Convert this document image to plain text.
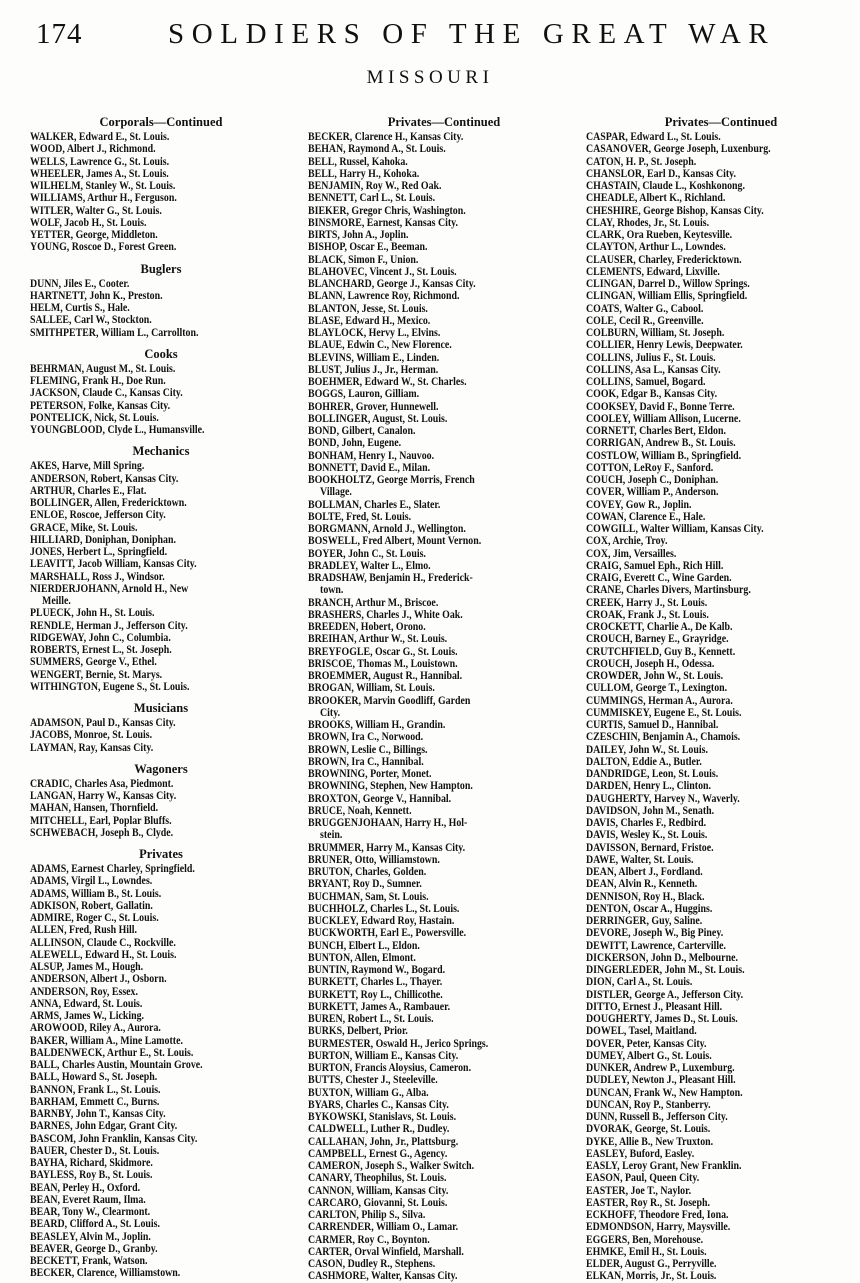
174	SOLDIERS OF THE GREAT WAR
MISSOURI
Corporals—Continued
WALKER, Edward E., St. Louis.
WOOD, Albert J., Richmond.
WELLS, Lawrence G., St. Louis.
WHEELER, James A., St. Louis.
WILHELM, Stanley W., St. Louis.
WILLIAMS, Arthur H., Ferguson.
WITLER, Walter G., St. Louis.
WOLF, Jacob H., St. Louis.
YETTER, George, Middleton.
YOUNG, Roscoe D., Forest Green.
Buglers
DUNN, Jiles E., Cooter.
HARTNETT, John K., Preston.
HELM, Curtis S., Hale.
SALLEE, Carl W., Stockton.
SMITHPETER, William L., Carrollton.
Cooks
BEHRMAN, August M., St. Louis.
FLEMING, Frank H., Doe Run.
JACKSON, Claude C., Kansas City.
PETERSON, Folke, Kansas City.
PONTELICK, Nick, St. Louis.
YOUNGBLOOD, Clyde L., Humansville.
Mechanics
AKES, Harve, Mill Spring.
ANDERSON, Robert, Kansas City.
ARTHUR, Charles E., Flat.
BOLLINGER, Allen, Fredericktown.
ENLOE, Roscoe, Jefferson City.
GRACE, Mike, St. Louis.
HILLIARD, Doniphan, Doniphan.
JONES, Herbert L., Springfield.
LEAVITT, Jacob William, Kansas City.
MARSHALL, Ross J., Windsor.
NIERDERJOHANN, Arnold H., New
Meille.
PLUECK, John H., St. Louis.
RENDLE, Herman J., Jefferson City.
RIDGEWAY, John C., Columbia.
ROBERTS, Ernest L., St. Joseph.
SUMMERS, George V., Ethel.
WENGERT, Bernie, St. Marys.
WITHINGTON, Eugene S., St. Louis.
Musicians
ADAMSON, Paul D., Kansas City.
JACOBS, Monroe, St. Louis.
LAYMAN, Ray, Kansas City.
Wagoners
CRADIC, Charles Asa, Piedmont.
LANGAN, Harry W., Kansas City.
MAHAN, Hansen, Thornfield.
MITCHELL, Earl, Poplar Bluffs.
SCHWEBACH, Joseph B., Clyde.
Privates
ADAMS, Earnest Charley, Springfield.
ADAMS, Virgil L., Lowndes.
ADAMS, William B., St. Louis.
ADKISON, Robert, Gallatin.
ADMIRE, Roger C., St. Louis.
ALLEN, Fred, Rush Hill.
ALLINSON, Claude C., Rockville.
ALEWELL, Edward H., St. Louis.
ALSUP, James M., Hough.
ANDERSON, Albert J., Osborn.
ANDERSON, Roy, Essex.
ANNA, Edward, St. Louis.
ARMS, James W., Licking.
AROWOOD, Riley A., Aurora.
BAKER, William A., Mine Lamotte.
BALDENWECK, Arthur E., St. Louis.
BALL, Charles Austin, Mountain Grove.
BALL, Howard S., St. Joseph.
BANNON, Frank L., St. Louis.
BARHAM, Emmett C., Burns.
BARNBY, John T., Kansas City.
BARNES, John Edgar, Grant City.
BASCOM, John Franklin, Kansas City.
BAUER, Chester D., St. Louis.
BAYHA, Richard, Skidmore.
BAYLESS, Roy B., St. Louis.
BEAN, Perley H., Oxford.
BEAN, Everet Raum, Ilma.
BEAR, Tony W., Clearmont.
BEARD, Clifford A., St. Louis.
BEASLEY, Alvin M., Joplin.
BEAVER, George D., Granby.
BECKETT, Frank, Watson.
BECKER, Clarence, Williamstown.
Privates—Continued
BECKER, Clarence H., Kansas City.
BEHAN, Raymond A., St. Louis.
BELL, Russel, Kahoka.
BELL, Harry H., Kohoka.
BENJAMIN, Roy W., Red Oak.
BENNETT, Carl L., St. Louis.
BIEKER, Gregor Chris, Washington.
BINSMORE, Earnest, Kansas City.
BIRTS, John A., Joplin.
BISHOP, Oscar E., Beeman.
BLACK, Simon F., Union.
BLAHOVEC, Vincent J., St. Louis.
BLANCHARD, George J., Kansas City.
BLANN, Lawrence Roy, Richmond.
BLANTON, Jesse, St. Louis.
BLASE, Edward H., Mexico.
BLAYLOCK, Hervy L., Elvins.
BLAUE, Edwin C., New Florence.
BLEVINS, William E., Linden.
BLUST, Julius J., Jr., Herman.
BOEHMER, Edward W., St. Charles.
BOGGS, Lauron, Gilliam.
BOHRER, Grover, Hunnewell.
BOLLINGER, August, St. Louis.
BOND, Gilbert, Canalon.
BOND, John, Eugene.
BONHAM, Henry I., Nauvoo.
BONNETT, David E., Milan.
BOOKHOLTZ, George Morris, French
Village.
BOLLMAN, Charles E., Slater.
BOLTE, Fred, St. Louis.
BORGMANN, Arnold J., Wellington.
BOSWELL, Fred Albert, Mount Vernon.
BOYER, John C., St. Louis.
BRADLEY, Walter L., Elmo.
BRADSHAW, Benjamin H., Frederick-
town.
BRANCH, Arthur M., Briscoe.
BRASHERS, Charles J., White Oak.
BREEDEN, Hobert, Orono.
BREIHAN, Arthur W., St. Louis.
BREYFOGLE, Oscar G., St. Louis.
BRISCOE, Thomas M., Louistown.
BROEMMER, August R., Hannibal.
BROGAN, William, St. Louis.
BROOKER, Marvin Goodliff, Garden
City.
BROOKS, William H., Grandin.
BROWN, Ira C., Norwood.
BROWN, Leslie C., Billings.
BROWN, Ira C., Hannibal.
BROWNING, Porter, Monet.
BROWNING, Stephen, New Hampton.
BROXTON, George V., Hannibal.
BRUCE, Noah, Kennett.
BRUGGENJOHAAN, Harry H., Hol-
stein.
BRUMMER, Harry M., Kansas City.
BRUNER, Otto, Williamstown.
BRUTON, Charles, Golden.
BRYANT, Roy D., Sumner.
BUCHMAN, Sam, St. Louis.
BUCHHOLZ, Charles L., St. Louis.
BUCKLEY, Edward Roy, Hastain.
BUCKWORTH, Earl E., Powersville.
BUNCH, Elbert L., Eldon.
BUNTON, Allen, Elmont.
BUNTIN, Raymond W., Bogard.
BURKETT, Charles L., Thayer.
BURKETT, Roy L., Chillicothe.
BURKETT, James A., Rambauer.
BUREN, Robert L., St. Louis.
BURKS, Delbert, Prior.
BURMESTER, Oswald H., Jerico Springs.
BURTON, William E., Kansas City.
BURTON, Francis Aloysius, Cameron.
BUTTS, Chester J., Steeleville.
BUXTON, William G., Alba.
BYARS, Charles C., Kansas City.
BYKOWSKI, Stanislavs, St. Louis.
CALDWELL, Luther R., Dudley.
CALLAHAN, John, Jr., Plattsburg.
CAMPBELL, Ernest G., Agency.
CAMERON, Joseph S., Walker Switch.
CANARY, Theophilus, St. Louis.
CANNON, William, Kansas City.
CARCARO, Giovanni, St. Louis.
CARLTON, Philip S., Silva.
CARRENDER, William O., Lamar.
CARMER, Roy C., Boynton.
CARTER, Orval Winfield, Marshall.
CASON, Dudley R., Stephens.
CASHMORE, Walter, Kansas City.
Privates—Continued
CASPAR, Edward L., St. Louis.
CASANOVER, George Joseph, Luxenburg.
CATON, H. P., St. Joseph.
CHANSLOR, Earl D., Kansas City.
CHASTAIN, Claude L., Koshkonong.
CHEADLE, Albert K., Richland.
CHESHIRE, George Bishop, Kansas City.
CLAY, Rhodes, Jr., St. Louis.
CLARK, Ora Rueben, Keytesville.
CLAYTON, Arthur L., Lowndes.
CLAUSER, Charley, Fredericktown.
CLEMENTS, Edward, Lixville.
CLINGAN, Darrel D., Willow Springs.
CLINGAN, William Ellis, Springfield.
COATS, Walter G., Cabool.
COLE, Cecil R., Greenville.
COLBURN, William, St. Joseph.
COLLIER, Henry Lewis, Deepwater.
COLLINS, Julius F., St. Louis.
COLLINS, Asa L., Kansas City.
COLLINS, Samuel, Bogard.
COOK, Edgar B., Kansas City.
COOKSEY, David F., Bonne Terre.
COOLEY, William Allison, Lucerne.
CORNETT, Charles Bert, Eldon.
CORRIGAN, Andrew B., St. Louis.
COSTLOW, William B., Springfield.
COTTON, LeRoy F., Sanford.
COUCH, Joseph C., Doniphan.
COVER, William P., Anderson.
COVEY, Gow R., Joplin.
COWAN, Clarence E., Hale.
COWGILL, Walter William, Kansas City.
COX, Archie, Troy.
COX, Jim, Versailles.
CRAIG, Samuel Eph., Rich Hill.
CRAIG, Everett C., Wine Garden.
CRANE, Charles Divers, Martinsburg.
CREEK, Harry J., St. Louis.
CROAK, Frank J., St. Louis.
CROCKETT, Charlie A., De Kalb.
CROUCH, Barney E., Grayridge.
CRUTCHFIELD, Guy B., Kennett.
CROUCH, Joseph H., Odessa.
CROWDER, John W., St. Louis.
CULLOM, George T., Lexington.
CUMMINGS, Herman A., Aurora.
CUMMISKEY, Eugene E., St. Louis.
CURTIS, Samuel D., Hannibal.
CZESCHIN, Benjamin A., Chamois.
DAILEY, John W., St. Louis.
DALTON, Eddie A., Butler.
DANDRIDGE, Leon, St. Louis.
DARDEN, Henry L., Clinton.
DAUGHERTY, Harvey N., Waverly.
DAVIDSON, John M., Senath.
DAVIS, Charles F., Redbird.
DAVIS, Wesley K., St. Louis.
DAVISSON, Bernard, Fristoe.
DAWE, Walter, St. Louis.
DEAN, Albert J., Fordland.
DEAN, Alvin R., Kenneth.
DENNISON, Roy H., Black.
DENTON, Oscar A., Huggins.
DERRINGER, Guy, Saline.
DEVORE, Joseph W., Big Piney.
DEWITT, Lawrence, Carterville.
DICKERSON, John D., Melbourne.
DINGERLEDER, John M., St. Louis.
DION, Carl A., St. Louis.
DISTLER, George A., Jefferson City.
DITTO, Ernest J., Pleasant Hill.
DOUGHERTY, James D., St. Louis.
DOWEL, Tasel, Maitland.
DOVER, Peter, Kansas City.
DUMEY, Albert G., St. Louis.
DUNKER, Andrew P., Luxemburg.
DUDLEY, Newton J., Pleasant Hill.
DUNCAN, Frank W., New Hampton.
DUNCAN, Roy P., Stanberry.
DUNN, Russell B., Jefferson City.
DVORAK, George, St. Louis.
DYKE, Allie B., New Truxton.
EASLEY, Buford, Easley.
EASLY, Leroy Grant, New Franklin.
EASON, Paul, Queen City.
EASTER, Joe T., Naylor.
EASTER, Roy R., St. Joseph.
ECKHOFF, Theodore Fred, Iona.
EDMONDSON, Harry, Maysville.
EGGERS, Ben, Morehouse.
EHMKE, Emil H., St. Louis.
ELDER, August G., Perryville.
ELKAN, Morris, Jr., St. Louis.
